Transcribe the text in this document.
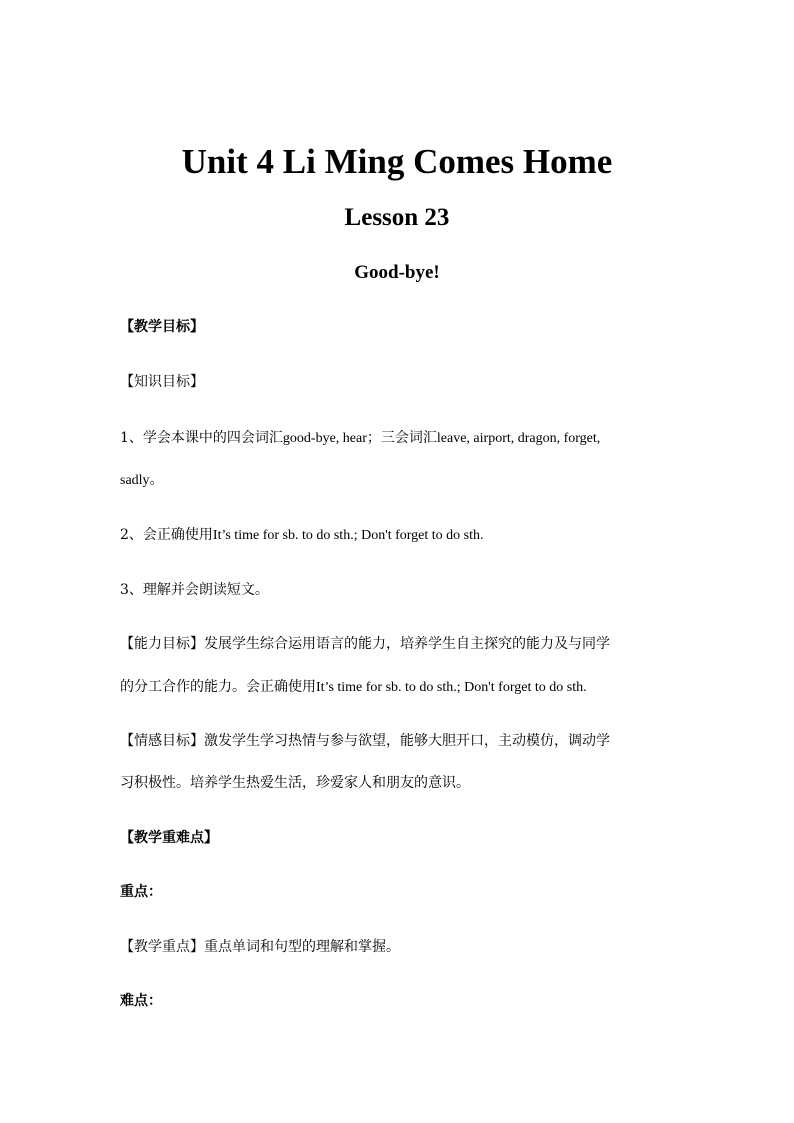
Unit 4 Li Ming Comes Home
Lesson 23
Good-bye!

【教学目标】

【知识目标】

1、学会本课中的四会词汇good-bye, hear；三会词汇leave, airport, dragon, forget,

sadly。

2、会正确使用It’s time for sb. to do sth.; Don't forget to do sth.

3、理解并会朗读短文。

【能力目标】发展学生综合运用语言的能力，培养学生自主探究的能力及与同学

的分工合作的能力。会正确使用It’s time for sb. to do sth.; Don't forget to do sth.

【情感目标】激发学生学习热情与参与欲望，能够大胆开口，主动模仿，调动学

习积极性。培养学生热爱生活，珍爱家人和朋友的意识。

【教学重难点】

重点：

【教学重点】重点单词和句型的理解和掌握。

难点：
